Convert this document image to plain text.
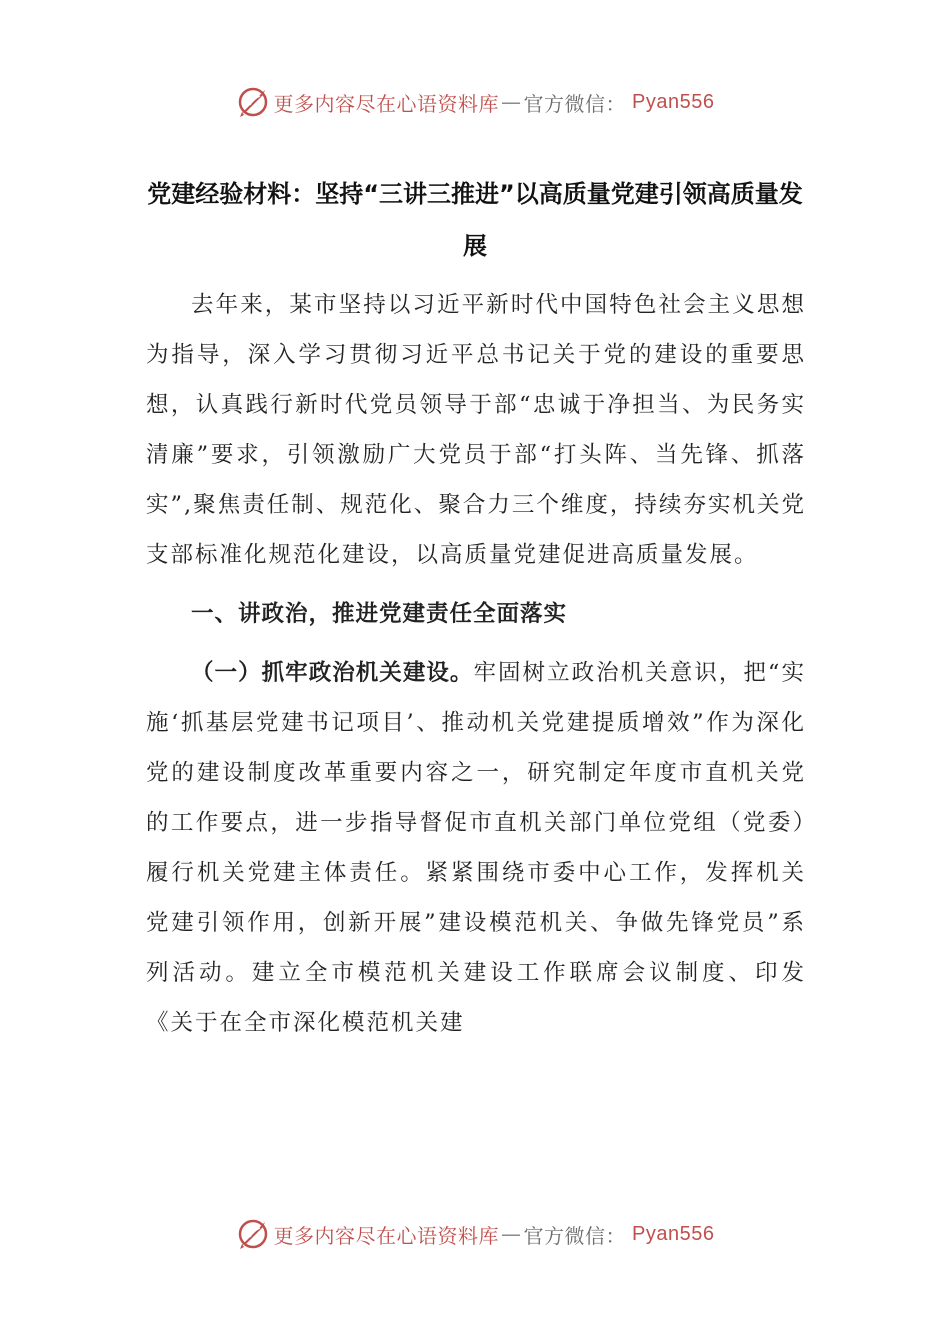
更多内容尽在心语资料库 — 官方微信： Pyan556
党建经验材料：坚持“三讲三推进”以高质量党建引领高质量发展

去年来，某市坚持以习近平新时代中国特色社会主义思想为指导，深入学习贯彻习近平总书记关于党的建设的重要思想，认真践行新时代党员领导于部“忠诚于净担当、为民务实清廉”要求，引领激励广大党员于部“打头阵、当先锋、抓落实”,聚焦责任制、规范化、聚合力三个维度，持续夯实机关党支部标准化规范化建设，以高质量党建促进高质量发展。

一、讲政治，推进党建责任全面落实

（一）抓牢政治机关建设。牢固树立政治机关意识，把“实施‘抓基层党建书记项目’、推动机关党建提质增效”作为深化党的建设制度改革重要内容之一，研究制定年度市直机关党的工作要点，进一步指导督促市直机关部门单位党组（党委）履行机关党建主体责任。紧紧围绕市委中心工作，发挥机关党建引领作用，创新开展”建设模范机关、争做先锋党员”系列活动。建立全市模范机关建设工作联席会议制度、印发《关于在全市深化模范机关建

更多内容尽在心语资料库 — 官方微信： Pyan556
